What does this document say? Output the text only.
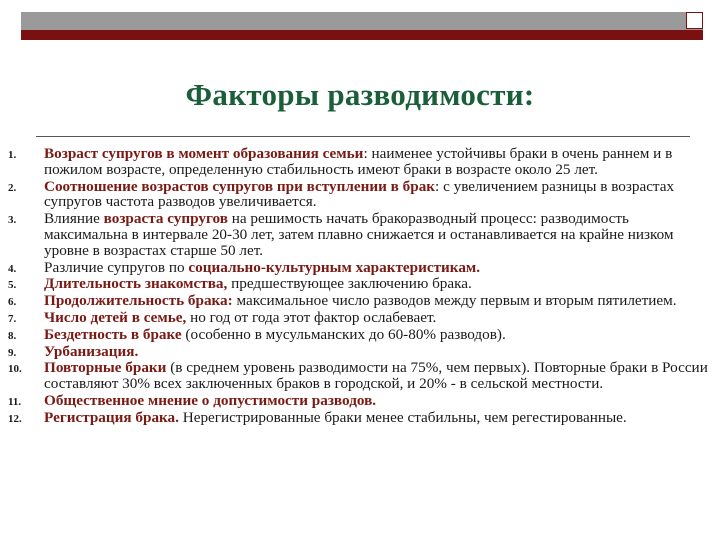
Факторы разводимости:
1.	Возраст супругов в момент образования семьи: наименее устойчивы браки в очень раннем и в пожилом возрасте, определенную стабильность имеют браки в возрасте около 25 лет.
2.	Соотношение возрастов супругов при вступлении в брак: с увеличением разницы в возрастах супругов частота разводов увеличивается.
3.	Влияние возраста супругов на решимость начать бракоразводный процесс: разводимость максимальна в интервале 20-30 лет, затем плавно снижается и останавливается на крайне низком уровне в возрастах старше 50 лет.
4.	Различие супругов по социально-культурным характеристикам.
5.	Длительность знакомства, предшествующее заключению брака.
6.	Продолжительность брака: максимальное число разводов между первым и вторым пятилетием.
7.	Число детей в семье, но год от года этот фактор ослабевает.
8.	Бездетность в браке (особенно в мусульманских до 60-80% разводов).
9.	Урбанизация.
10.	Повторные браки (в среднем уровень разводимости на 75%, чем первых). Повторные браки в России составляют 30% всех заключенных браков в городской, и 20% - в сельской местности.
11.	Общественное мнение о допустимости разводов.
12.	Регистрация брака. Нерегистрированные браки менее стабильны, чем регестированные.
